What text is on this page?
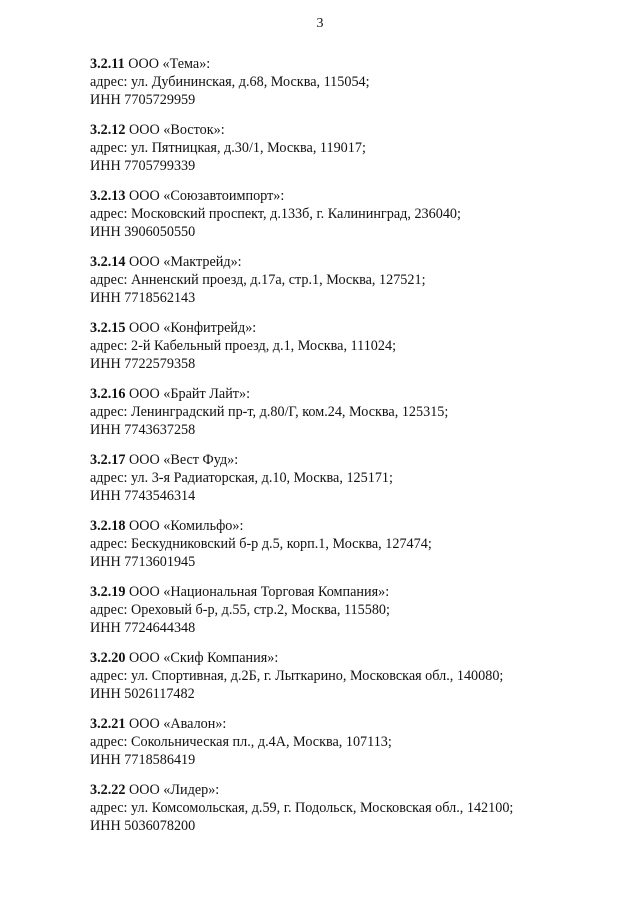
3
3.2.11 ООО «Тема»:
адрес: ул. Дубининская, д.68, Москва, 115054;
ИНН 7705729959
3.2.12 ООО «Восток»:
адрес: ул. Пятницкая, д.30/1, Москва, 119017;
ИНН 7705799339
3.2.13 ООО «Союзавтоимпорт»:
адрес: Московский проспект, д.133б, г. Калининград, 236040;
ИНН 3906050550
3.2.14 ООО «Мактрейд»:
адрес: Анненский проезд, д.17а, стр.1, Москва, 127521;
ИНН 7718562143
3.2.15 ООО «Конфитрейд»:
адрес: 2-й Кабельный проезд, д.1, Москва, 111024;
ИНН 7722579358
3.2.16 ООО «Брайт Лайт»:
адрес: Ленинградский пр-т, д.80/Г, ком.24, Москва, 125315;
ИНН 7743637258
3.2.17 ООО «Вест Фуд»:
адрес: ул. 3-я Радиаторская, д.10, Москва, 125171;
ИНН 7743546314
3.2.18 ООО «Комильфо»:
адрес: Бескудниковский б-р д.5, корп.1, Москва, 127474;
ИНН 7713601945
3.2.19 ООО «Национальная Торговая Компания»:
адрес: Ореховый б-р, д.55, стр.2, Москва, 115580;
ИНН 7724644348
3.2.20 ООО «Скиф Компания»:
адрес: ул. Спортивная, д.2Б, г. Лыткарино, Московская обл., 140080;
ИНН 5026117482
3.2.21 ООО «Авалон»:
адрес: Сокольническая пл., д.4А, Москва, 107113;
ИНН 7718586419
3.2.22 ООО «Лидер»:
адрес: ул. Комсомольская, д.59, г. Подольск, Московская обл., 142100;
ИНН 5036078200
